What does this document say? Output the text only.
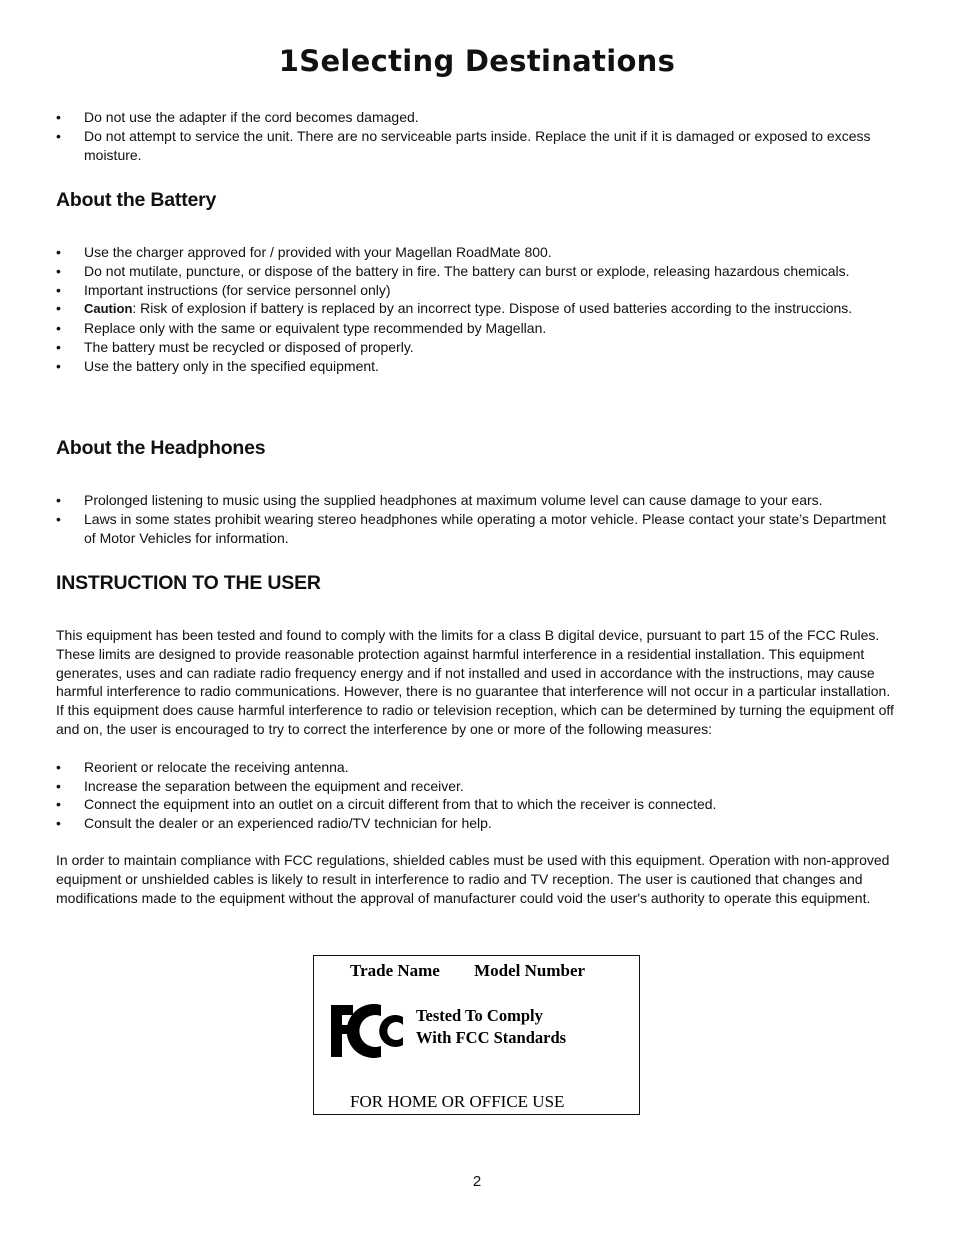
1Selecting Destinations
• Do not use the adapter if the cord becomes damaged.
• Do not attempt to service the unit. There are no serviceable parts inside. Replace the unit if it is damaged or exposed to excess moisture.
About the Battery
• Use the charger approved for / provided with your Magellan RoadMate 800.
• Do not mutilate, puncture, or dispose of the battery in fire. The battery can burst or explode, releasing hazardous chemicals.
• Important instructions (for service personnel only)
• Caution: Risk of explosion if battery is replaced by an incorrect type. Dispose of used batteries according to the instruccions.
• Replace only with the same or equivalent type recommended by Magellan.
• The battery must be recycled or disposed of properly.
• Use the battery only in the specified equipment.
About the Headphones
• Prolonged listening to music using the supplied headphones at maximum volume level can cause damage to your ears.
• Laws in some states prohibit wearing stereo headphones while operating a motor vehicle. Please contact your state’s Department of Motor Vehicles for information.
INSTRUCTION TO THE USER

This equipment has been tested and found to comply with the limits for a class B digital device, pursuant to part 15 of the FCC Rules. These limits are designed to provide reasonable protection against harmful interference in a residential installation. This equipment generates, uses and can radiate radio frequency energy and if not installed and used in accordance with the instructions, may cause harmful interference to radio communications. However, there is no guarantee that interference will not occur in a particular installation. If this equipment does cause harmful interference to radio or television reception, which can be determined by turning the equipment off and on, the user is encouraged to try to correct the interference by one or more of the following measures:

• Reorient or relocate the receiving antenna.
• Increase the separation between the equipment and receiver.
• Connect the equipment into an outlet on a circuit different from that to which the receiver is connected.
• Consult the dealer or an experienced radio/TV technician for help.

In order to maintain compliance with FCC regulations, shielded cables must be used with this equipment. Operation with non-approved equipment or unshielded cables is likely to result in interference to radio and TV reception. The user is cautioned that changes and modifications made to the equipment without the approval of manufacturer could void the user's authority to operate this equipment.

Trade Name Model Number
Tested To Comply
With FCC Standards
FOR HOME OR OFFICE USE
2
